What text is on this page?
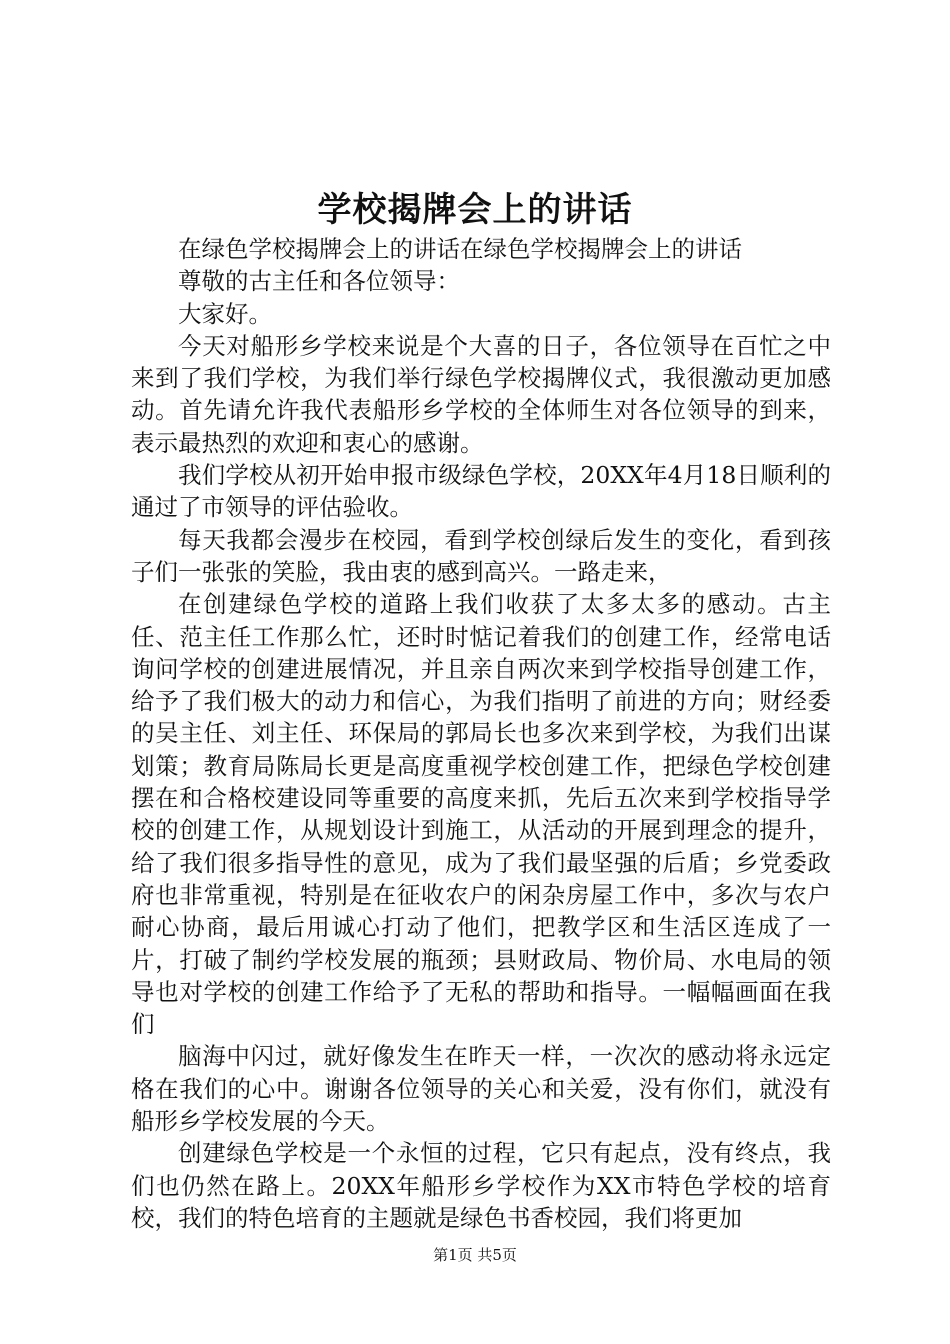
学校揭牌会上的讲话

在绿色学校揭牌会上的讲话在绿色学校揭牌会上的讲话

尊敬的古主任和各位领导：

大家好。

今天对船形乡学校来说是个大喜的日子，各位领导在百忙之中来到了我们学校，为我们举行绿色学校揭牌仪式，我很激动更加感动。首先请允许我代表船形乡学校的全体师生对各位领导的到来，表示最热烈的欢迎和衷心的感谢。

我们学校从初开始申报市级绿色学校，20XX年4月18日顺利的通过了市领导的评估验收。

每天我都会漫步在校园，看到学校创绿后发生的变化，看到孩子们一张张的笑脸，我由衷的感到高兴。一路走来，

在创建绿色学校的道路上我们收获了太多太多的感动。古主任、范主任工作那么忙，还时时惦记着我们的创建工作，经常电话询问学校的创建进展情况，并且亲自两次来到学校指导创建工作，给予了我们极大的动力和信心，为我们指明了前进的方向；财经委的吴主任、刘主任、环保局的郭局长也多次来到学校，为我们出谋划策；教育局陈局长更是高度重视学校创建工作，把绿色学校创建摆在和合格校建设同等重要的高度来抓，先后五次来到学校指导学校的创建工作，从规划设计到施工，从活动的开展到理念的提升，给了我们很多指导性的意见，成为了我们最坚强的后盾；乡党委政府也非常重视，特别是在征收农户的闲杂房屋工作中，多次与农户耐心协商，最后用诚心打动了他们，把教学区和生活区连成了一片，打破了制约学校发展的瓶颈；县财政局、物价局、水电局的领导也对学校的创建工作给予了无私的帮助和指导。一幅幅画面在我们

脑海中闪过，就好像发生在昨天一样，一次次的感动将永远定格在我们的心中。谢谢各位领导的关心和关爱，没有你们，就没有船形乡学校发展的今天。

创建绿色学校是一个永恒的过程，它只有起点，没有终点，我们也仍然在路上。20XX年船形乡学校作为XX市特色学校的培育校，我们的特色培育的主题就是绿色书香校园，我们将更加

第1页 共5页
